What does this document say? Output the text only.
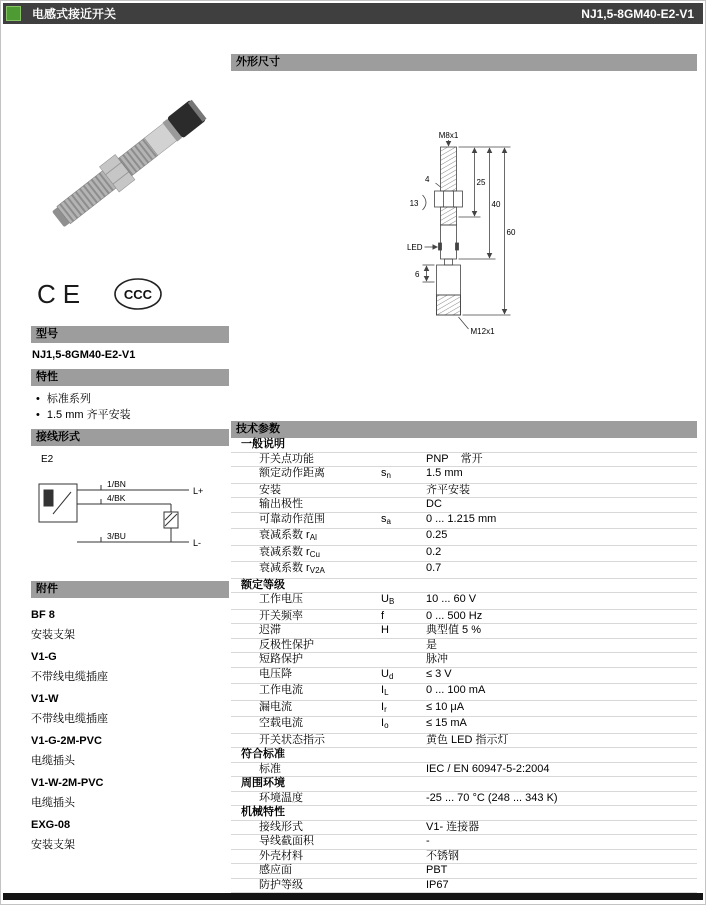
电感式接近开关	NJ1,5-8GM40-E2-V1
CE	CCC
型号
NJ1,5-8GM40-E2-V1
特性
• 标准系列
• 1.5 mm 齐平安装
接线形式
E2
1/BN
4/BK
3/BU
L+
L-
附件
BF 8
安装支架
V1-G
不带线电缆插座
V1-W
不带线电缆插座
V1-G-2M-PVC
电缆插头
V1-W-2M-PVC
电缆插头
EXG-08
安装支架
外形尺寸
M8x1
4
13
LED
25
40
60
6
M12x1
技术参数
一般说明
开关点功能	PNP    常开
额定动作距离	$s_n$	1.5 mm
安装	齐平安装
输出极性	DC
可靠动作范围	$s_a$	0 ... 1.215 mm
衰减系数 $r_{Al}$	0.25
衰减系数 $r_{Cu}$	0.2
衰减系数 $r_{V2A}$	0.7
额定等级
工作电压	$U_B$	10 ... 60 V
开关频率	f	0 ... 500 Hz
迟滞	H	典型值 5 %
反极性保护	是
短路保护	脉冲
电压降	$U_d$	≤ 3 V
工作电流	$I_L$	0 ... 100 mA
漏电流	$I_r$	≤ 10 μA
空载电流	$I_o$	≤ 15 mA
开关状态指示	黄色 LED 指示灯
符合标准
标准	IEC / EN 60947-5-2:2004
周围环境
环境温度	-25 ... 70 °C (248 ... 343 K)
机械特性
接线形式	V1- 连接器
导线截面积	-
外壳材料	不锈钢
感应面	PBT
防护等级	IP67
